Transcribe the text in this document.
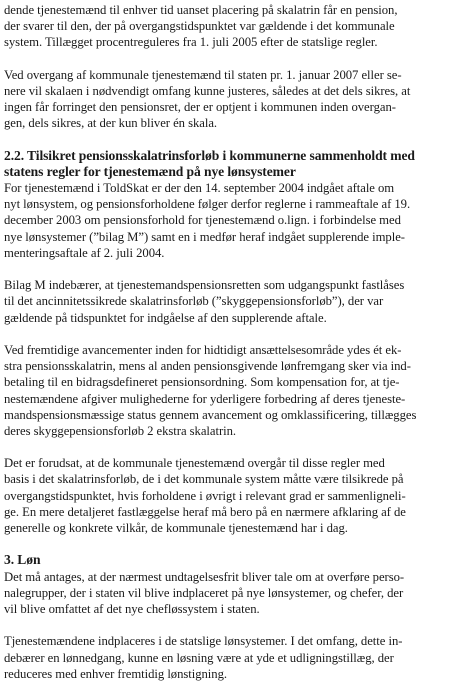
dende tjenestemænd til enhver tid uanset placering på skalatrin får en pension,
der svarer til den, der på overgangstidspunktet var gældende i det kommunale
system. Tillægget procentreguleres fra 1. juli 2005 efter de statslige regler.
Ved overgang af kommunale tjenestemænd til staten pr. 1. januar 2007 eller se-
nere vil skalaen i nødvendigt omfang kunne justeres, således at det dels sikres, at
ingen får forringet den pensionsret, der er optjent i kommunen inden overgan-
gen, dels sikres, at der kun bliver én skala.
2.2. Tilsikret pensionsskalatrinsforløb i kommunerne sammenholdt med
statens regler for tjenestemænd på nye lønsystemer
For tjenestemænd i ToldSkat er der den 14. september 2004 indgået aftale om
nyt lønsystem, og pensionsforholdene følger derfor reglerne i rammeaftale af 19.
december 2003 om pensionsforhold for tjenestemænd o.lign. i forbindelse med
nye lønsystemer (”bilag M”) samt en i medfør heraf indgået supplerende imple-
menteringsaftale af 2. juli 2004.
Bilag M indebærer, at tjenestemandspensionsretten som udgangspunkt fastlåses
til det ancinnitetssikrede skalatrinsforløb (”skyggepensionsforløb”), der var
gældende på tidspunktet for indgåelse af den supplerende aftale.
Ved fremtidige avancementer inden for hidtidigt ansættelsesområde ydes ét ek-
stra pensionsskalatrin, mens al anden pensionsgivende lønfremgang sker via ind-
betaling til en bidragsdefineret pensionsordning. Som kompensation for, at tje-
nestemændene afgiver mulighederne for yderligere forbedring af deres tjeneste-
mandspensionsmæssige status gennem avancement og omklassificering, tillægges
deres skyggepensionsforløb 2 ekstra skalatrin.
Det er forudsat, at de kommunale tjenestemænd overgår til disse regler med
basis i det skalatrinsforløb, de i det kommunale system måtte være tilsikrede på
overgangstidspunktet, hvis forholdene i øvrigt i relevant grad er sammenligneli-
ge. En mere detaljeret fastlæggelse heraf må bero på en nærmere afklaring af de
generelle og konkrete vilkår, de kommunale tjenestemænd har i dag.
3. Løn
Det må antages, at der nærmest undtagelsesfrit bliver tale om at overføre perso-
nalegrupper, der i staten vil blive indplaceret på nye lønsystemer, og chefer, der
vil blive omfattet af det nye chefløssystem i staten.
Tjenestemændene indplaceres i de statslige lønsystemer. I det omfang, dette in-
debærer en lønnedgang, kunne en løsning være at yde et udligningstillæg, der
reduceres med enhver fremtidig lønstigning.
